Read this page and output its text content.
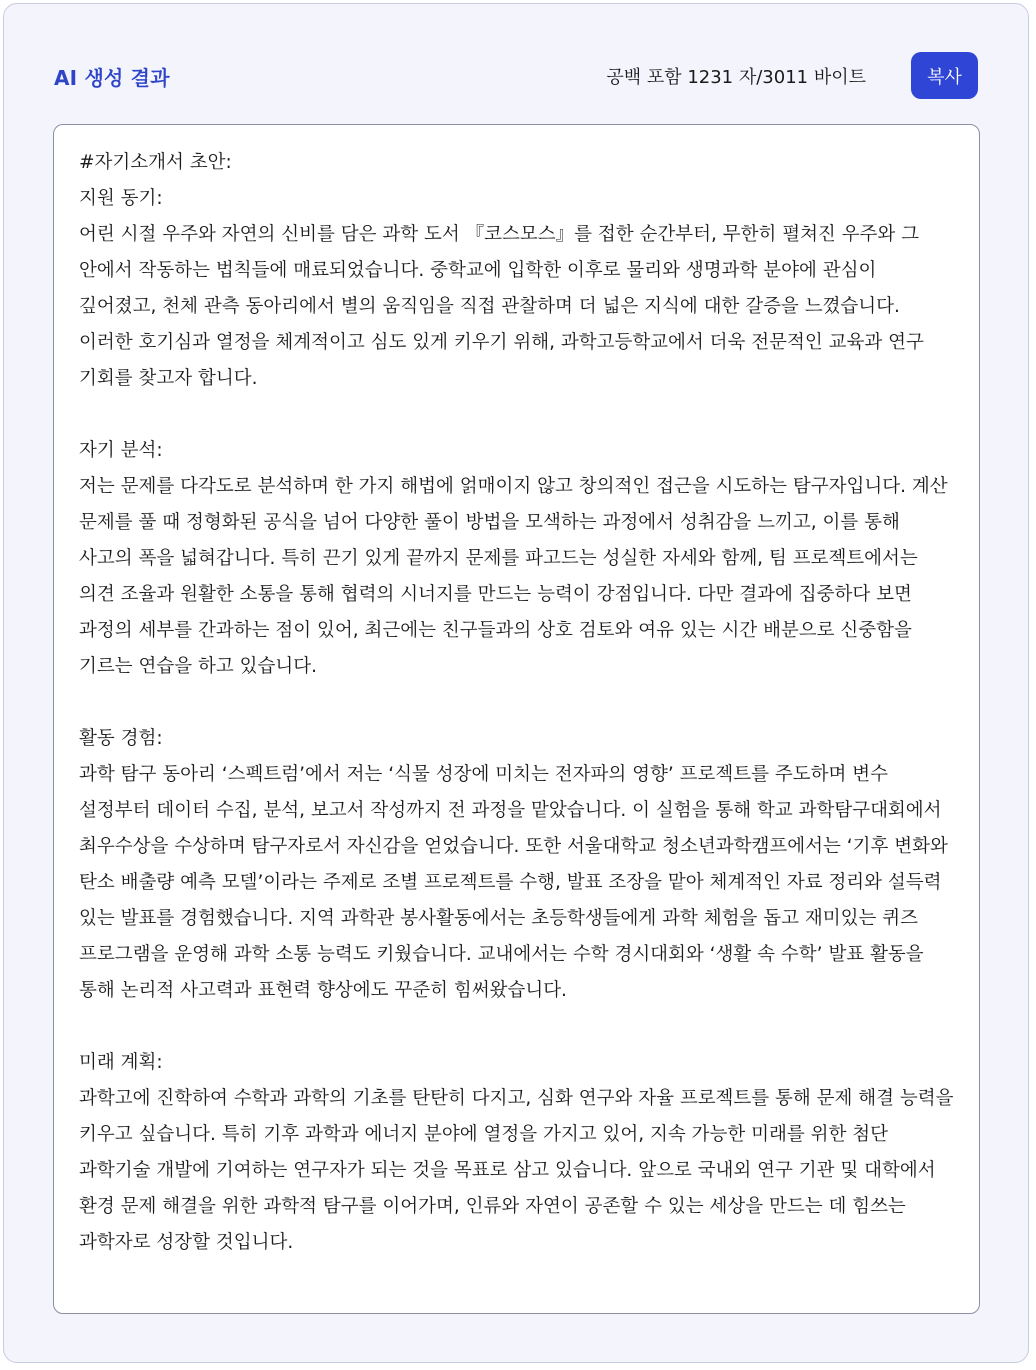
AI 생성 결과	공백 포함 1231 자/3011 바이트	복사

#자기소개서 초안:
지원 동기:
어린 시절 우주와 자연의 신비를 담은 과학 도서 『코스모스』를 접한 순간부터, 무한히 펼쳐진 우주와 그 안에서 작동하는 법칙들에 매료되었습니다. 중학교에 입학한 이후로 물리와 생명과학 분야에 관심이 깊어졌고, 천체 관측 동아리에서 별의 움직임을 직접 관찰하며 더 넓은 지식에 대한 갈증을 느꼈습니다. 이러한 호기심과 열정을 체계적이고 심도 있게 키우기 위해, 과학고등학교에서 더욱 전문적인 교육과 연구 기회를 찾고자 합니다.

자기 분석:
저는 문제를 다각도로 분석하며 한 가지 해법에 얽매이지 않고 창의적인 접근을 시도하는 탐구자입니다. 계산 문제를 풀 때 정형화된 공식을 넘어 다양한 풀이 방법을 모색하는 과정에서 성취감을 느끼고, 이를 통해 사고의 폭을 넓혀갑니다. 특히 끈기 있게 끝까지 문제를 파고드는 성실한 자세와 함께, 팀 프로젝트에서는 의견 조율과 원활한 소통을 통해 협력의 시너지를 만드는 능력이 강점입니다. 다만 결과에 집중하다 보면 과정의 세부를 간과하는 점이 있어, 최근에는 친구들과의 상호 검토와 여유 있는 시간 배분으로 신중함을 기르는 연습을 하고 있습니다.

활동 경험:
과학 탐구 동아리 ‘스펙트럼’에서 저는 ‘식물 성장에 미치는 전자파의 영향’ 프로젝트를 주도하며 변수 설정부터 데이터 수집, 분석, 보고서 작성까지 전 과정을 맡았습니다. 이 실험을 통해 학교 과학탐구대회에서 최우수상을 수상하며 탐구자로서 자신감을 얻었습니다. 또한 서울대학교 청소년과학캠프에서는 ‘기후 변화와 탄소 배출량 예측 모델’이라는 주제로 조별 프로젝트를 수행, 발표 조장을 맡아 체계적인 자료 정리와 설득력 있는 발표를 경험했습니다. 지역 과학관 봉사활동에서는 초등학생들에게 과학 체험을 돕고 재미있는 퀴즈 프로그램을 운영해 과학 소통 능력도 키웠습니다. 교내에서는 수학 경시대회와 ‘생활 속 수학’ 발표 활동을 통해 논리적 사고력과 표현력 향상에도 꾸준히 힘써왔습니다.

미래 계획:
과학고에 진학하여 수학과 과학의 기초를 탄탄히 다지고, 심화 연구와 자율 프로젝트를 통해 문제 해결 능력을 키우고 싶습니다. 특히 기후 과학과 에너지 분야에 열정을 가지고 있어, 지속 가능한 미래를 위한 첨단 과학기술 개발에 기여하는 연구자가 되는 것을 목표로 삼고 있습니다. 앞으로 국내외 연구 기관 및 대학에서 환경 문제 해결을 위한 과학적 탐구를 이어가며, 인류와 자연이 공존할 수 있는 세상을 만드는 데 힘쓰는 과학자로 성장할 것입니다.
